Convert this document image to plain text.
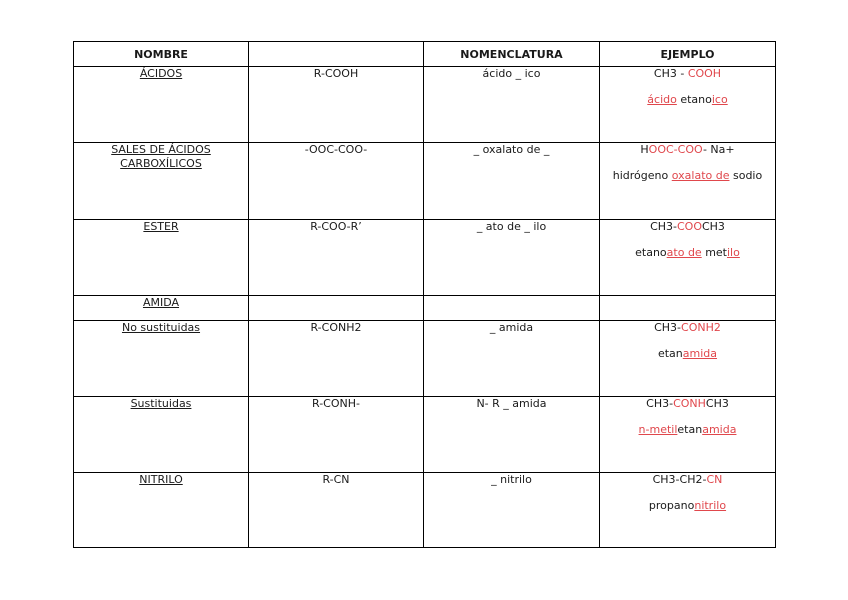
NOMBRE		NOMENCLATURA	EJEMPLO

ÁCIDOS	R-COOH	ácido _ ico	CH3 - COOH
ácido etanoico

SALES DE ÁCIDOS
CARBOXÍLICOS	-OOC-COO-	_ oxalato de _	HOOC-COO- Na+
hidrógeno oxalato de sodio

ESTER	R-COO-R’	_ ato de _ ilo	CH3-COOCH3
etanoato de metilo

AMIDA			

No sustituidas	R-CONH2	_ amida	CH3-CONH2
etanamida

Sustituidas	R-CONH-	N- R _ amida	CH3-CONHCH3
n-metiletanamida

NITRILO	R-CN	_ nitrilo	CH3-CH2-CN
propanonitrilo
